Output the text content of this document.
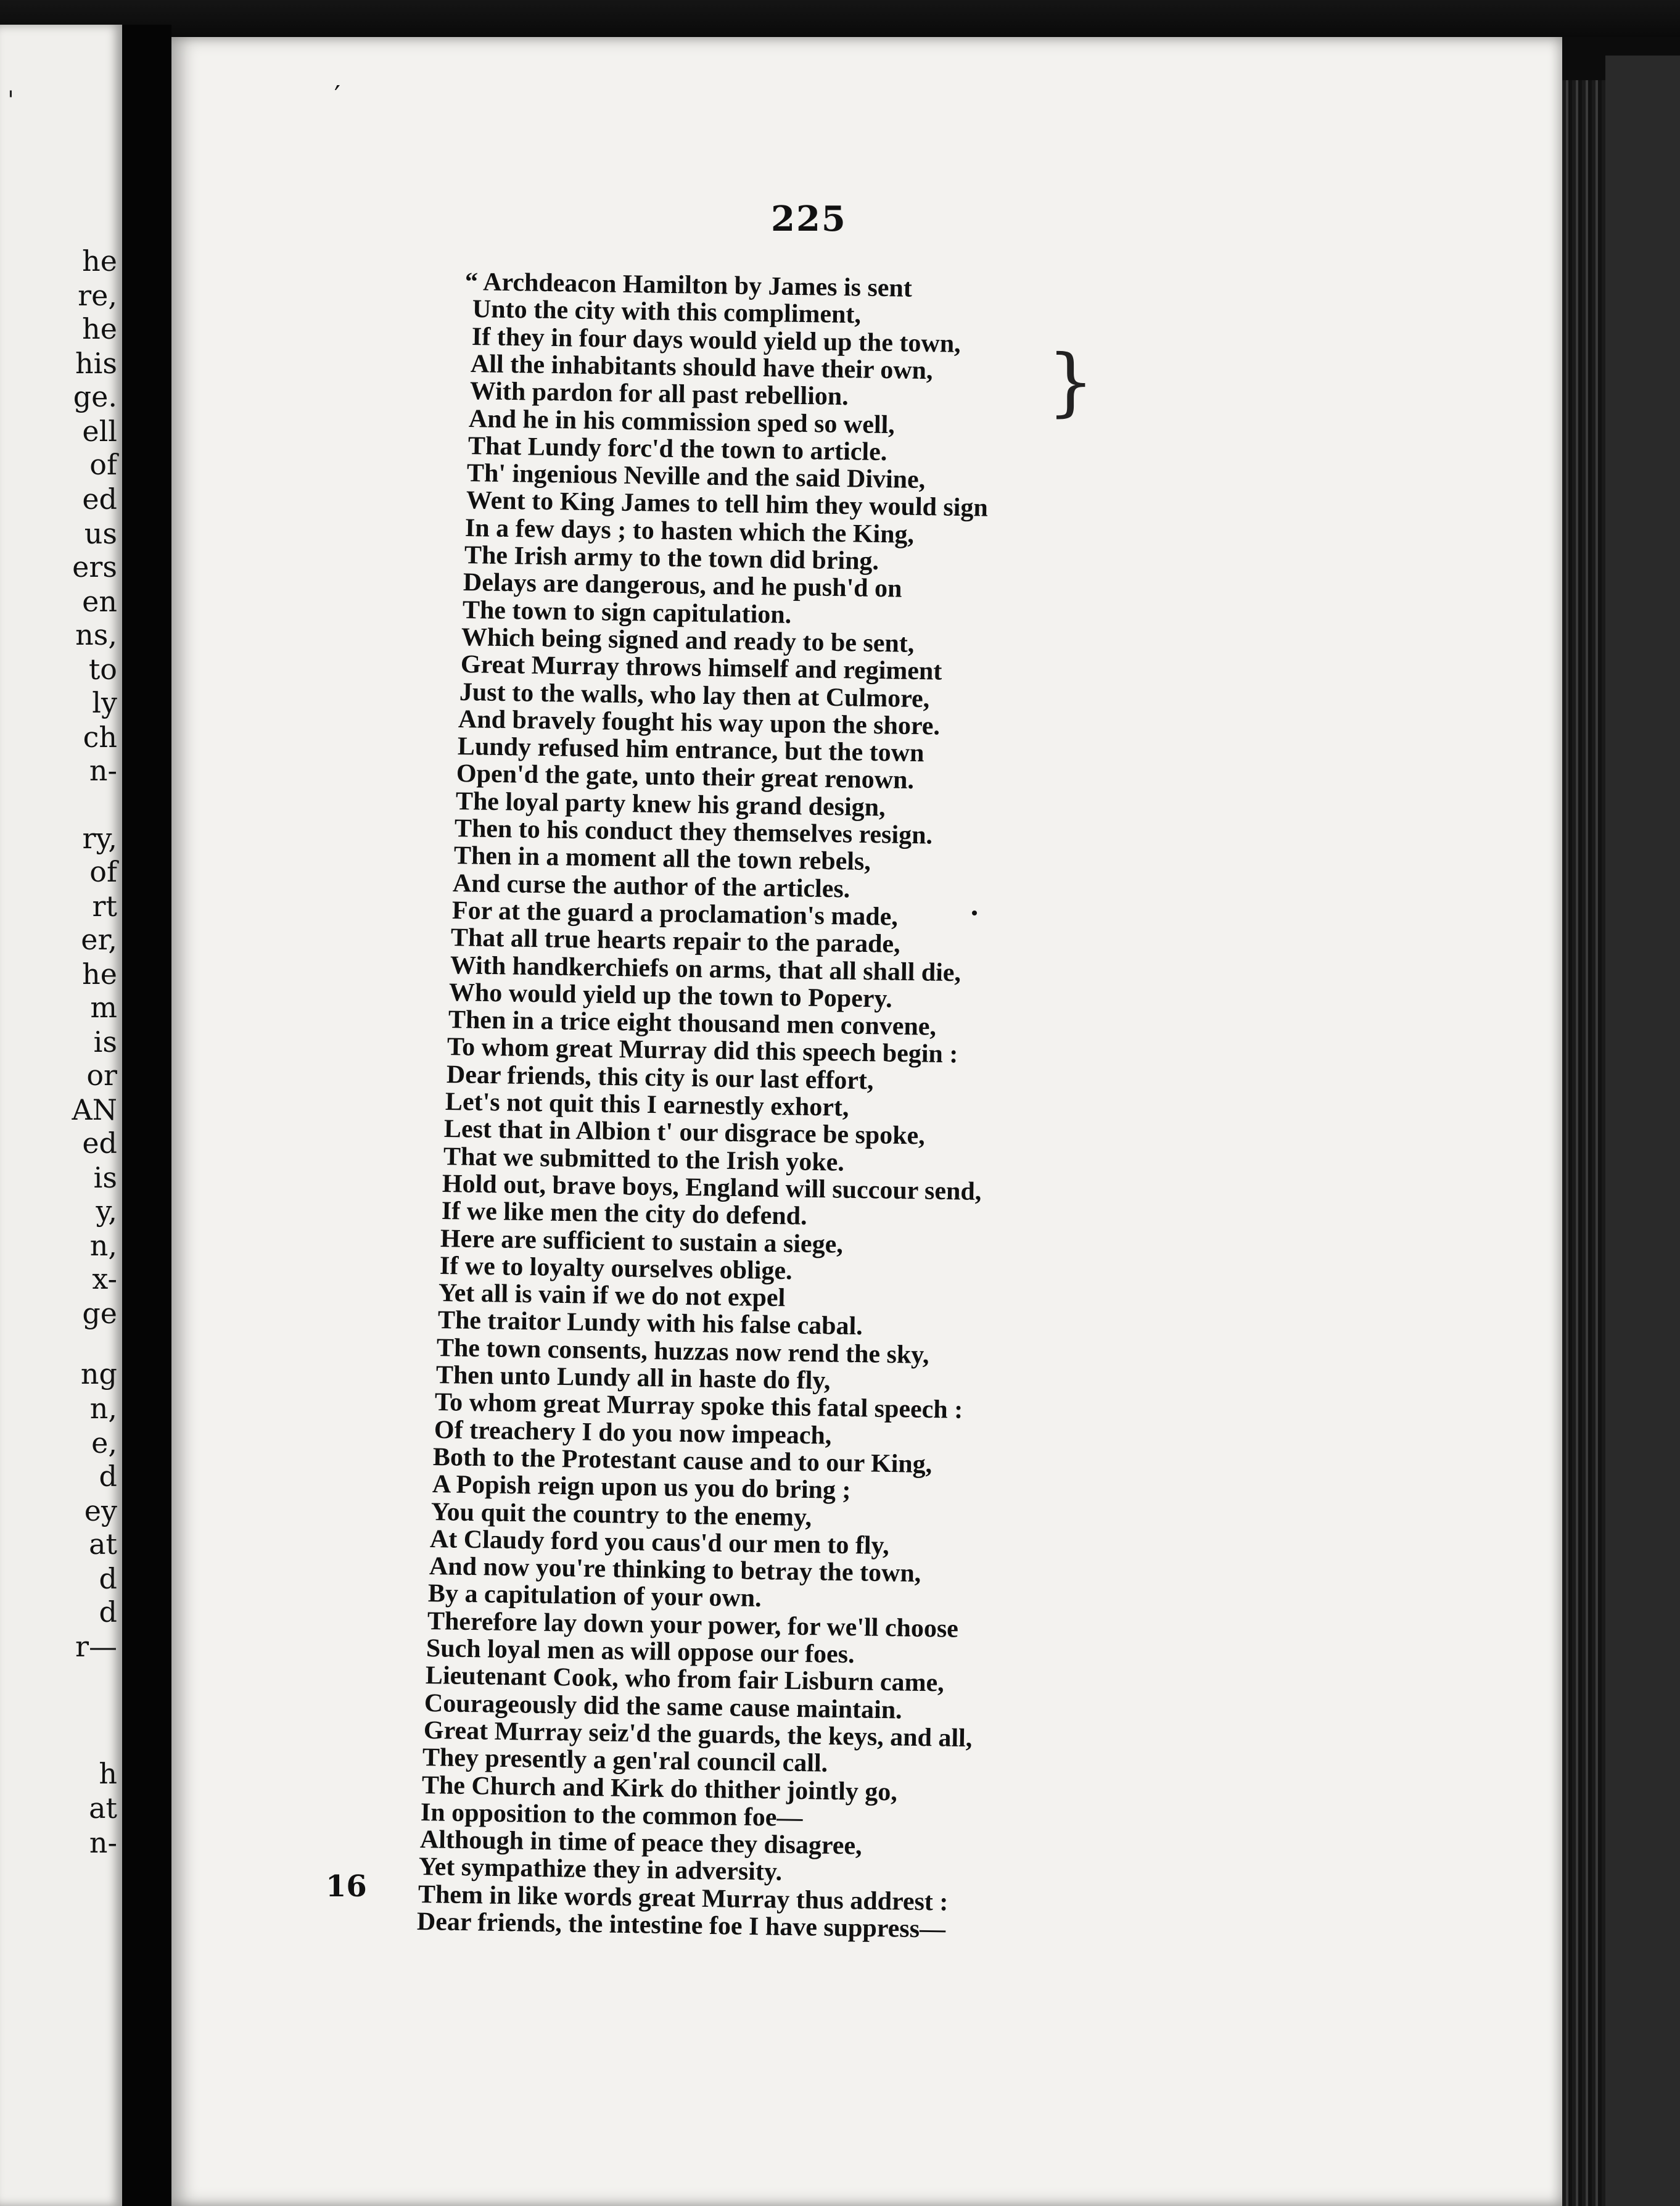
'
he
re,
he
his
ge.
ell
of
ed
us
ers
en
ns,
to
ly
ch
n-
ry,
of
rt
er,
he
m
is
or
AN
ed
is
y,
n,
x-
ge
ng
n,
e,
d
ey
at
d
d
r—
h
at
n-
′
225
“ Archdeacon Hamilton by James is sent
Unto the city with this compliment,
If they in four days would yield up the town,
All the inhabitants should have their own,
With pardon for all past rebellion.
And he in his commission sped so well,
That Lundy forc'd the town to article.
Th' ingenious Neville and the said Divine,
Went to King James to tell him they would sign
In a few days ; to hasten which the King,
The Irish army to the town did bring.
Delays are dangerous, and he push'd on
The town to sign capitulation.
Which being signed and ready to be sent,
Great Murray throws himself and regiment
Just to the walls, who lay then at Culmore,
And bravely fought his way upon the shore.
Lundy refused him entrance, but the town
Open'd the gate, unto their great renown.
The loyal party knew his grand design,
Then to his conduct they themselves resign.
Then in a moment all the town rebels,
And curse the author of the articles.
For at the guard a proclamation's made,
That all true hearts repair to the parade,
With handkerchiefs on arms, that all shall die,
Who would yield up the town to Popery.
Then in a trice eight thousand men convene,
To whom great Murray did this speech begin :
Dear friends, this city is our last effort,
Let's not quit this I earnestly exhort,
Lest that in Albion t' our disgrace be spoke,
That we submitted to the Irish yoke.
Hold out, brave boys, England will succour send,
If we like men the city do defend.
Here are sufficient to sustain a siege,
If we to loyalty ourselves oblige.
Yet all is vain if we do not expel
The traitor Lundy with his false cabal.
The town consents, huzzas now rend the sky,
Then unto Lundy all in haste do fly,
To whom great Murray spoke this fatal speech :
Of treachery I do you now impeach,
Both to the Protestant cause and to our King,
A Popish reign upon us you do bring ;
You quit the country to the enemy,
At Claudy ford you caus'd our men to fly,
And now you're thinking to betray the town,
By a capitulation of your own.
Therefore lay down your power, for we'll choose
Such loyal men as will oppose our foes.
Lieutenant Cook, who from fair Lisburn came,
Courageously did the same cause maintain.
Great Murray seiz'd the guards, the keys, and all,
They presently a gen'ral council call.
The Church and Kirk do thither jointly go,
In opposition to the common foe—
Although in time of peace they disagree,
Yet sympathize they in adversity.
Them in like words great Murray thus addrest :
Dear friends, the intestine foe I have suppress—
}
16
